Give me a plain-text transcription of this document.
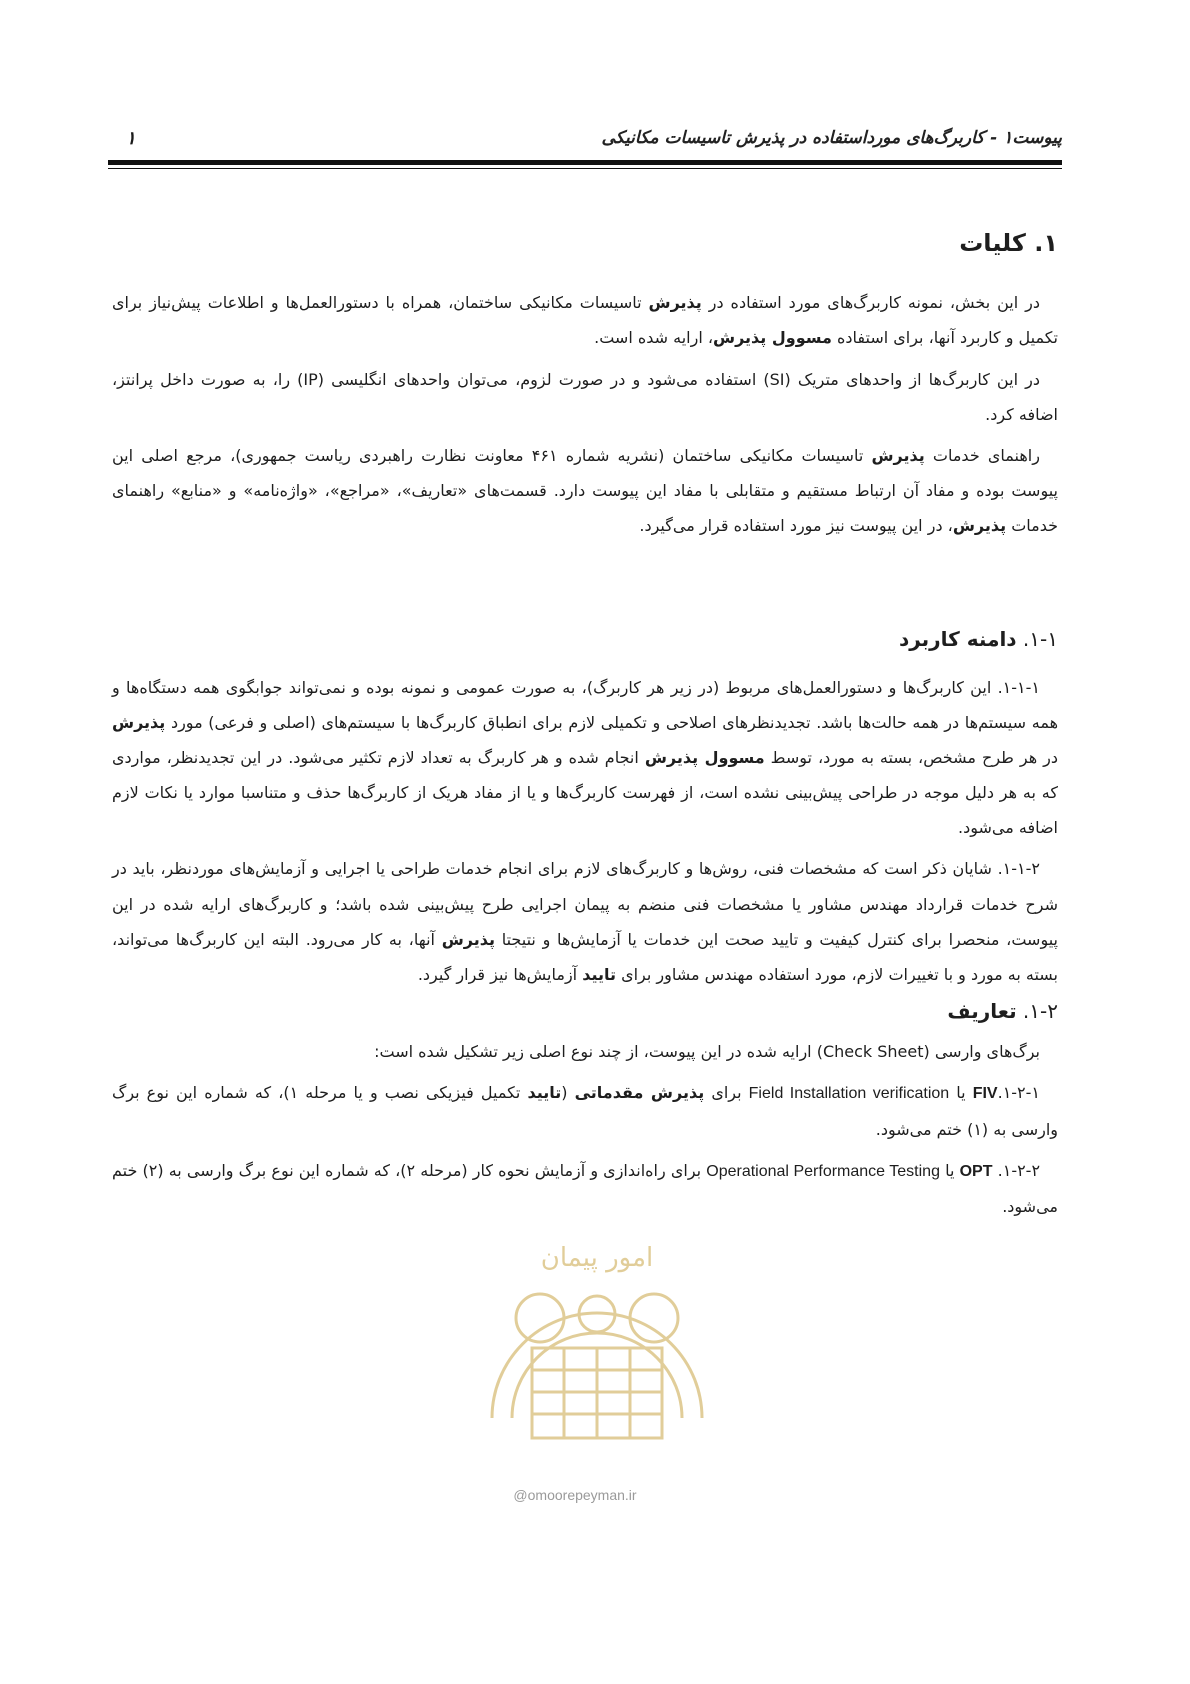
پیوست۱ - کاربرگ‌های مورداستفاده در پذیرش تاسیسات مکانیکی
۱
۱. کلیات

در این بخش، نمونه کاربرگ‌های مورد استفاده در پذیرش تاسیسات مکانیکی ساختمان، همراه با دستورالعمل‌ها و اطلاعات پیش‌نیاز برای تکمیل و کاربرد آنها، برای استفاده مسوول پذیرش، ارایه شده است.

در این کاربرگ‌ها از واحدهای متریک (SI) استفاده می‌شود و در صورت لزوم، می‌توان واحدهای انگلیسی (IP) را، به صورت داخل پرانتز، اضافه کرد.

راهنمای خدمات پذیرش تاسیسات مکانیکی ساختمان (نشریه شماره ۴۶۱ معاونت نظارت راهبردی ریاست جمهوری)، مرجع اصلی این پیوست بوده و مفاد آن ارتباط مستقیم و متقابلی با مفاد این پیوست دارد. قسمت‌های «تعاریف»، «مراجع»، «واژه‌نامه» و «منابع» راهنمای خدمات پذیرش، در این پیوست نیز مورد استفاده قرار می‌گیرد.

۱-۱. دامنه کاربرد

۱-۱-۱. این کاربرگ‌ها و دستورالعمل‌های مربوط (در زیر هر کاربرگ)، به صورت عمومی و نمونه بوده و نمی‌تواند جوابگوی همه دستگاه‌ها و همه سیستم‌ها در همه حالت‌ها باشد. تجدیدنظرهای اصلاحی و تکمیلی لازم برای انطباق کاربرگ‌ها با سیستم‌های (اصلی و فرعی) مورد پذیرش در هر طرح مشخص، بسته به مورد، توسط مسوول پذیرش انجام شده و هر کاربرگ به تعداد لازم تکثیر می‌شود. در این تجدیدنظر، مواردی که به هر دلیل موجه در طراحی پیش‌بینی نشده است، از فهرست کاربرگ‌ها و یا از مفاد هریک از کاربرگ‌ها حذف و متناسبا موارد یا نکات لازم اضافه می‌شود.

۱-۱-۲. شایان ذکر است که مشخصات فنی، روش‌ها و کاربرگ‌های لازم برای انجام خدمات طراحی یا اجرایی و آزمایش‌های موردنظر، باید در شرح خدمات قرارداد مهندس مشاور یا مشخصات فنی منضم به پیمان اجرایی طرح پیش‌بینی شده باشد؛ و کاربرگ‌های ارایه شده در این پیوست، منحصرا برای کنترل کیفیت و تایید صحت این خدمات یا آزمایش‌ها و نتیجتا پذیرش آنها، به کار می‌رود. البته این کاربرگ‌ها می‌تواند، بسته به مورد و با تغییرات لازم، مورد استفاده مهندس مشاور برای تایید آزمایش‌ها نیز قرار گیرد.

۱-۲. تعاریف

برگ‌های وارسی (Check Sheet) ارایه شده در این پیوست، از چند نوع اصلی زیر تشکیل شده است:

۱-۲-۱.FIV یا Field Installation verification برای پذیرش مقدماتی (تایید تکمیل فیزیکی نصب و یا مرحله ۱)، که شماره این نوع برگ وارسی به (۱) ختم می‌شود.

۱-۲-۲. OPT یا Operational Performance Testing برای راه‌اندازی و آزمایش نحوه کار (مرحله ۲)، که شماره این نوع برگ وارسی به (۲) ختم می‌شود.

امور پیمان
@omoorepeyman.ir
